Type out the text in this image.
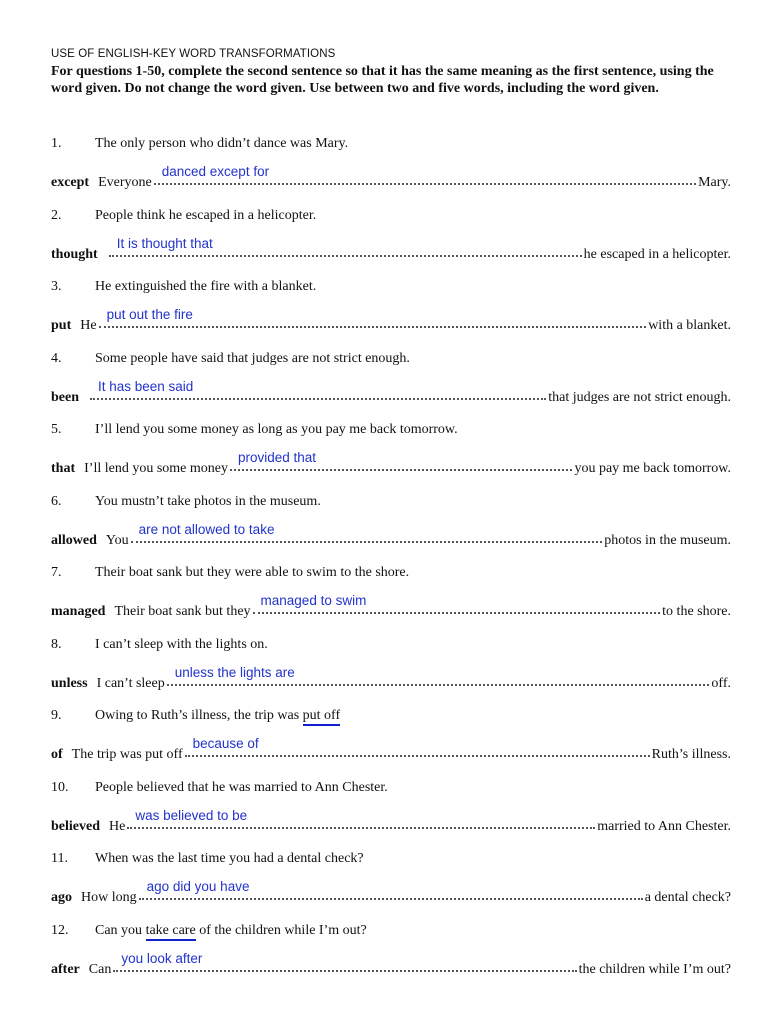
USE OF ENGLISH-KEY WORD TRANSFORMATIONS

For questions 1-50, complete the second sentence so that it has the same meaning as the first sentence, using the word given. Do not change the word given. Use between two and five words, including the word given.

1. The only person who didn’t dance was Mary.
except Everyone
danced except for
Mary.
2. People think he escaped in a helicopter.
thought
It is thought that
he escaped in a helicopter.
3. He extinguished the fire with a blanket.
put He
put out the fire
with a blanket.
4. Some people have said that judges are not strict enough.
been
It has been said
that judges are not strict enough.
5. I’ll lend you some money as long as you pay me back tomorrow.
that I’ll lend you some money
provided that
you pay me back tomorrow.
6. You mustn’t take photos in the museum.
allowed You
are not allowed to take
photos in the museum.
7. Their boat sank but they were able to swim to the shore.
managed Their boat sank but they
managed to swim
to the shore.
8. I can’t sleep with the lights on.
unless I can’t sleep
unless the lights are
off.
9. Owing to Ruth’s illness, the trip was put off
of The trip was put off
because of
Ruth’s illness.
10. People believed that he was married to Ann Chester.
believed He
was believed to be
married to Ann Chester.
11. When was the last time you had a dental check?
ago How long
ago did you have
a dental check?
12. Can you take care of the children while I’m out?
after Can
you look after
the children while I’m out?
